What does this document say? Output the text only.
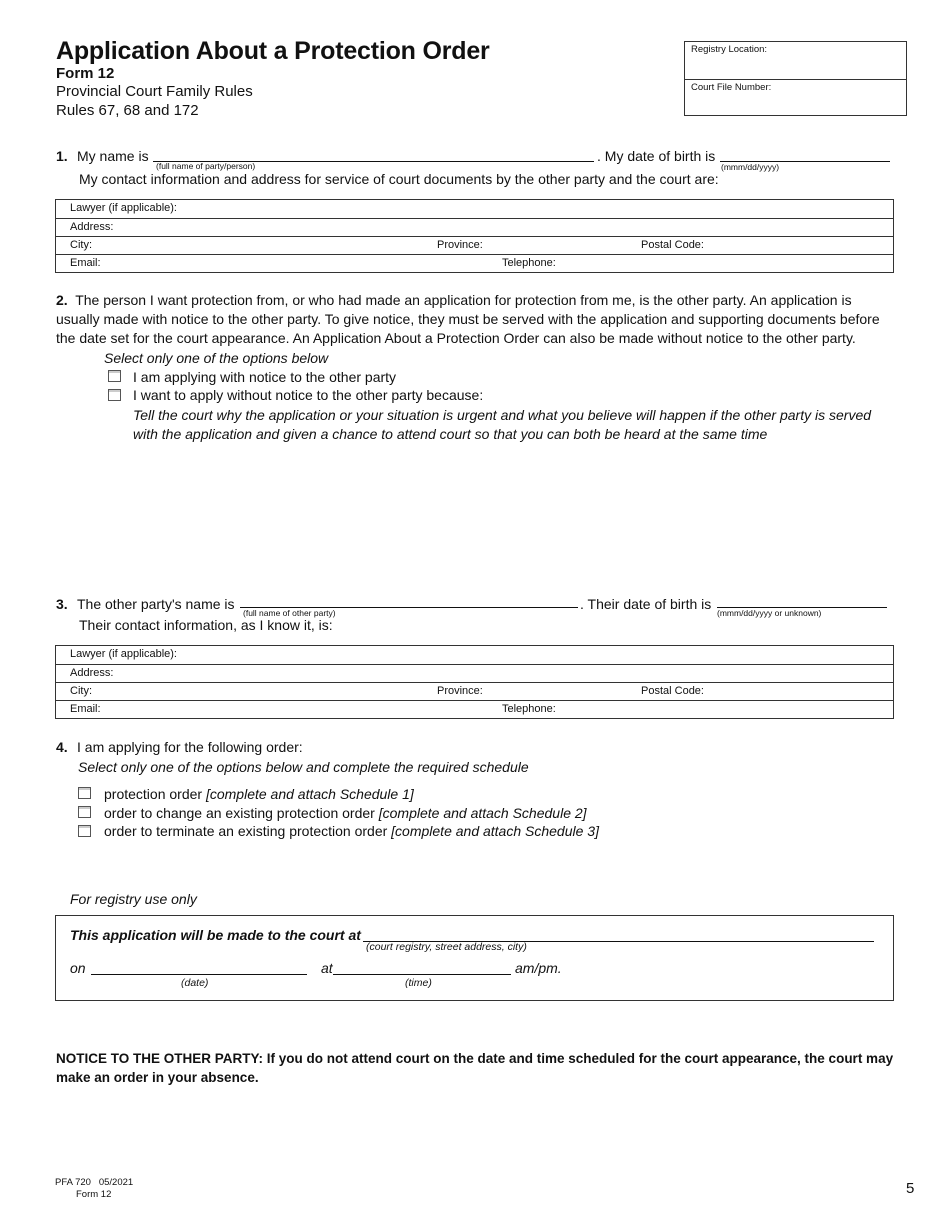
Application About a Protection Order
Form 12
Provincial Court Family Rules
Rules 67, 68 and 172
Registry Location:
Court File Number:
1. My name is
(full name of party/person)
. My date of birth is
(mmm/dd/yyyy)
My contact information and address for service of court documents by the other party and the court are:
Lawyer (if applicable):
Address:
City:	Province:	Postal Code:
Email:	Telephone:
2. The person I want protection from, or who had made an application for protection from me, is the other party. An application is usually made with notice to the other party. To give notice, they must be served with the application and supporting documents before the date set for the court appearance. An Application About a Protection Order can also be made without notice to the other party.
Select only one of the options below
I am applying with notice to the other party
I want to apply without notice to the other party because:
Tell the court why the application or your situation is urgent and what you believe will happen if the other party is served with the application and given a chance to attend court so that you can both be heard at the same time
3. The other party's name is
(full name of other party)
. Their date of birth is
(mmm/dd/yyyy or unknown)
Their contact information, as I know it, is:
Lawyer (if applicable):
Address:
City:	Province:	Postal Code:
Email:	Telephone:
4. I am applying for the following order:
Select only one of the options below and complete the required schedule
protection order [complete and attach Schedule 1]
order to change an existing protection order [complete and attach Schedule 2]
order to terminate an existing protection order [complete and attach Schedule 3]
For registry use only
This application will be made to the court at
(court registry, street address, city)
on
(date)
at
(time)
am/pm.
NOTICE TO THE OTHER PARTY: If you do not attend court on the date and time scheduled for the court appearance, the court may make an order in your absence.
PFA 720   05/2021
Form 12	5
